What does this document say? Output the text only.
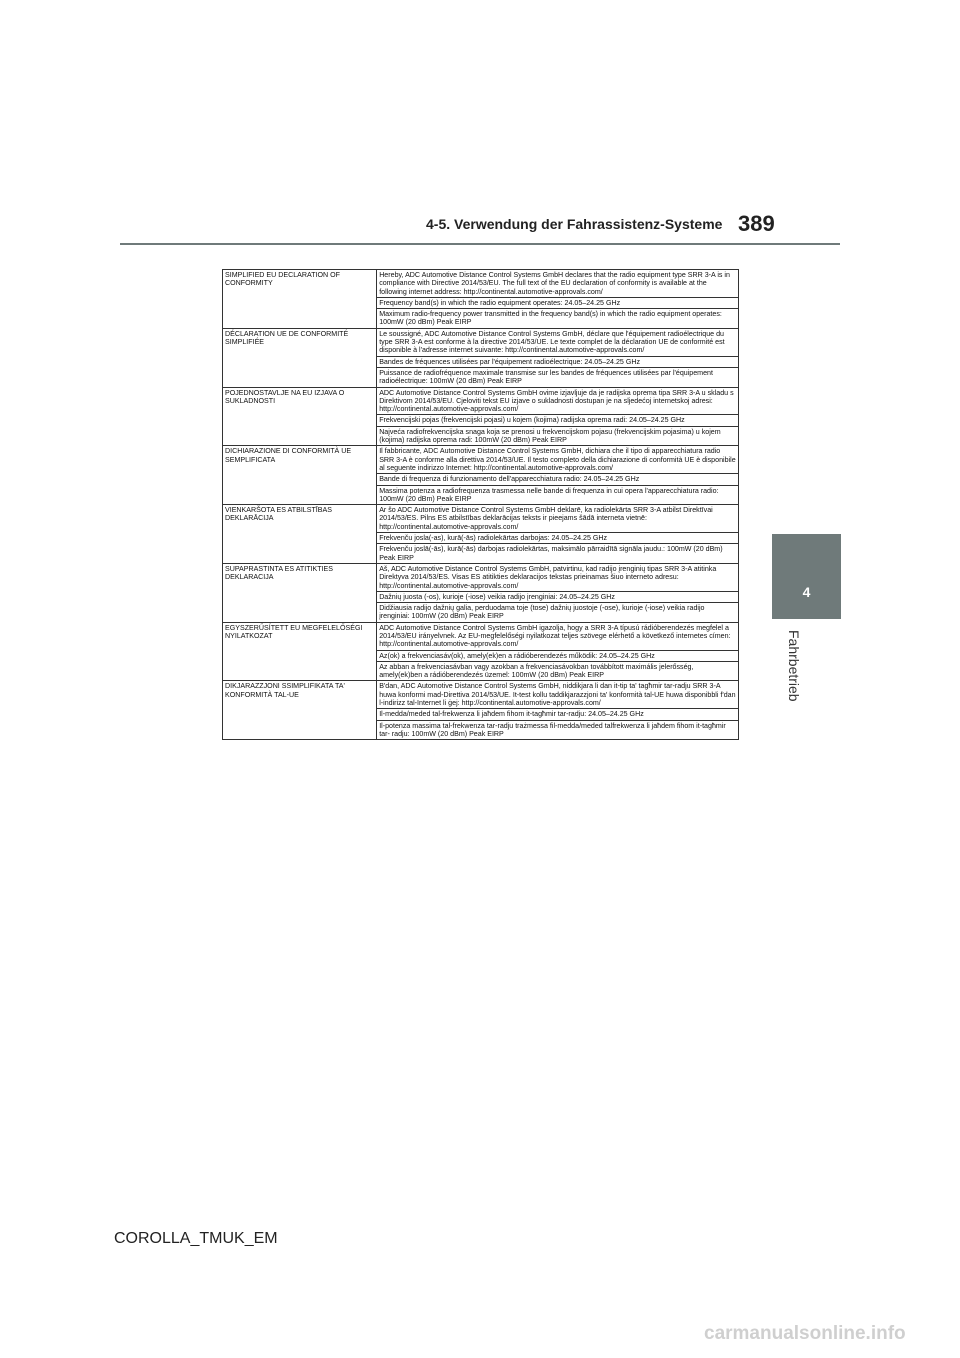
4-5. Verwendung der Fahrassistenz-Systeme 389
4
Fahrbetrieb
SIMPLIFIED EU DECLARATION OF CONFORMITY	Hereby, ADC Automotive Distance Control Systems GmbH declares that the radio equipment type SRR 3-A is in compliance with Directive 2014/53/EU. The full text of the EU declaration of conformity is available at the following internet address: http://continental.automotive-approvals.com/
Frequency band(s) in which the radio equipment operates: 24.05–24.25 GHz
Maximum radio-frequency power transmitted in the frequency band(s) in which the radio equipment operates: 100mW (20 dBm) Peak EIRP

DÉCLARATION UE DE CONFORMITÉ SIMPLIFIÉE	Le soussigné, ADC Automotive Distance Control Systems GmbH, déclare que l'équipement radioélectrique du type SRR 3-A est conforme à la directive 2014/53/UE. Le texte complet de la déclaration UE de conformité est disponible à l'adresse internet suivante: http://continental.automotive-approvals.com/
Bandes de fréquences utilisées par l'équipement radioélectrique: 24.05–24.25 GHz
Puissance de radiofréquence maximale transmise sur les bandes de fréquences utilisées par l'équipement radioélectrique: 100mW (20 dBm) Peak EIRP

POJEDNOSTAVLJE NA EU IZJAVA O SUKLADNOSTI	ADC Automotive Distance Control Systems GmbH ovime izjavljuje da je radijska oprema tipa SRR 3-A u skladu s Direktivom 2014/53/EU. Cjeloviti tekst EU izjave o sukladnosti dostupan je na sljedećoj internetskoj adresi: http://continental.automotive-approvals.com/
Frekvencijski pojas (frekvencijski pojasi) u kojem (kojima) radijska oprema radi: 24.05–24.25 GHz
Najveća radiofrekvencijska snaga koja se prenosi u frekvencijskom pojasu (frekvencijskim pojasima) u kojem (kojima) radijska oprema radi: 100mW (20 dBm) Peak EIRP

DICHIARAZIONE DI CONFORMITÀ UE SEMPLIFICATA	Il fabbricante, ADC Automotive Distance Control Systems GmbH, dichiara che il tipo di apparecchiatura radio SRR 3-A è conforme alla direttiva 2014/53/UE. Il testo completo della dichiarazione di conformità UE è disponibile al seguente indirizzo Internet: http://continental.automotive-approvals.com/
Bande di frequenza di funzionamento dell'apparecchiatura radio: 24.05–24.25 GHz
Massima potenza a radiofrequenza trasmessa nelle bande di frequenza in cui opera l'apparecchiatura radio: 100mW (20 dBm) Peak EIRP

VIENKARŠOTA ES ATBILSTĪBAS DEKLARĀCIJA	Ar šo ADC Automotive Distance Control Systems GmbH deklarē, ka radiolekārta SRR 3-A atbilst Direktīvai 2014/53/ES. Pilns ES atbilstības deklarācijas teksts ir pieejams šādā interneta vietnē: http://continental.automotive-approvals.com/
Frekvenču josla(-as), kurā(-ās) radiolekārtas darbojas: 24.05–24.25 GHz
Frekvenču joslā(-ās), kurā(-ās) darbojas radiolekārtas, maksimālo pārraidītā signāla jaudu.: 100mW (20 dBm) Peak EIRP

SUPAPRASTINTA ES ATITIKTIES DEKLARACIJA	Aš, ADC Automotive Distance Control Systems GmbH, patvirtinu, kad radijo įrenginių tipas SRR 3-A atitinka Direktyva 2014/53/ES. Visas ES atitikties deklaracijos tekstas prieinamas šiuo interneto adresu: http://continental.automotive-approvals.com/
Dažnių juosta (-os), kurioje (-iose) veikia radijo įrenginiai: 24.05–24.25 GHz
Didžiausia radijo dažnių galia, perduodama toje (tose) dažnių juostoje (-ose), kurioje (-iose) veikia radijo įrenginiai: 100mW (20 dBm) Peak EIRP

EGYSZERŰSÍTETT EU MEGFELELŐSÉGI NYILATKOZAT	ADC Automotive Distance Control Systems GmbH igazolja, hogy a SRR 3-A típusú rádióberendezés megfelel a 2014/53/EU irányelvnek. Az EU-megfelelőségi nyilatkozat teljes szövege elérhető a következő internetes címen: http://continental.automotive-approvals.com/
Az(ok) a frekvenciasáv(ok), amely(ek)en a rádióberendezés működik: 24.05–24.25 GHz
Az abban a frekvenciasávban vagy azokban a frekvenciasávokban továbbított maximális jelerősség, amely(ek)ben a rádióberendezés üzemel: 100mW (20 dBm) Peak EIRP

DIKJARAZZJONI SSIMPLIFIKATA TA' KONFORMITÀ TAL-UE	B'dan, ADC Automotive Distance Control Systems GmbH, niddikjara li dan it-tip ta' tagħmir tar-radju SRR 3-A huwa konformi mad-Direttiva 2014/53/UE. It-test kollu taddikjarazzjoni ta' konformità tal-UE huwa disponibbli f'dan l-indirizz tal-Internet li ġej: http://continental.automotive-approvals.com/
Il-medda/meded tal-frekwenza li jaħdem fihom it-tagħmir tar-radju: 24.05–24.25 GHz
Il-potenza massima tal-frekwenza tar-radju trażmessa fil-medda/meded talfrekwenza li jaħdem fihom it-tagħmir tar- radju: 100mW (20 dBm) Peak EIRP
COROLLA_TMUK_EM
carmanualsonline.info
